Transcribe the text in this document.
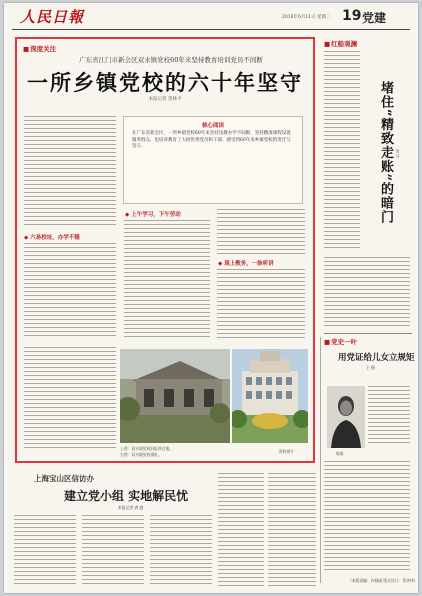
人民日報	2016年6月11日 星期二 19 党建
■ 深度关注
广东省江门市新会区双水镇党校60年来坚持教育培训党员不间断
一所乡镇党校的六十年坚守
本报记者 贺林平
◆ 六易校址，办学不辍
核心阅读
在广东省新会区，一所乡镇党校60年来坚持送教办学不间断，坚持精准课程设置服务群众，也培养教育了大批优秀党员和干部，感受到60年来乡镇党校的变迁与坚守。
◆ 上午学习，下午劳动
◆ 现上教务，一脉听讲
上图：双水镇党校旧址所在地。
右图：双水镇党校现址。
资料图片
■ 红船观澜
堵住“精致走账”的暗门 吴 月
■ 党史一叶
用党证给儿女立规矩
王 薇
陈毅
（本版责编：许晓丽 版式设计：蔡华伟）
上海宝山区信访办
建立党小组 实地解民忧
本报记者 裘 越
